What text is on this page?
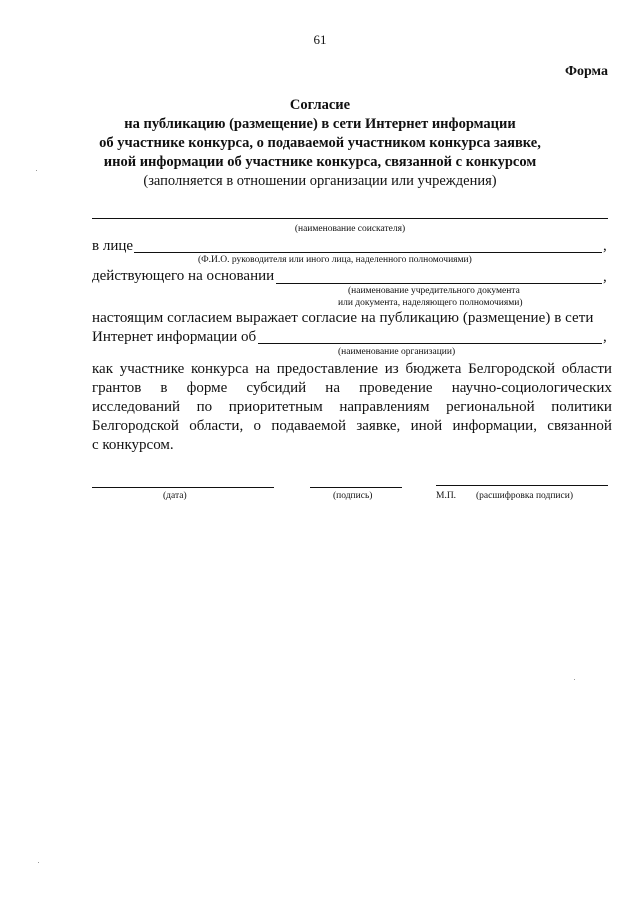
61
Форма
Согласие
на публикацию (размещение) в сети Интернет информации
об участнике конкурса, о подаваемой участником конкурса заявке,
иной информации об участнике конкурса, связанной с конкурсом
(заполняется в отношении организации или учреждения)
(наименование соискателя)
в лице	,
(Ф.И.О. руководителя или иного лица, наделенного полномочиями)
действующего на основании	,
(наименование учредительного документа
или документа, наделяющего полномочиями)
настоящим согласием выражает согласие на публикацию (размещение) в сети
Интернет информации об	,
(наименование организации)
как участнике конкурса на предоставление из бюджета Белгородской области
грантов в форме субсидий на проведение научно-социологических
исследований по приоритетным направлениям региональной политики
Белгородской области, о подаваемой заявке, иной информации, связанной
с конкурсом.
(дата)	(подпись)	М.П. (расшифровка подписи)
